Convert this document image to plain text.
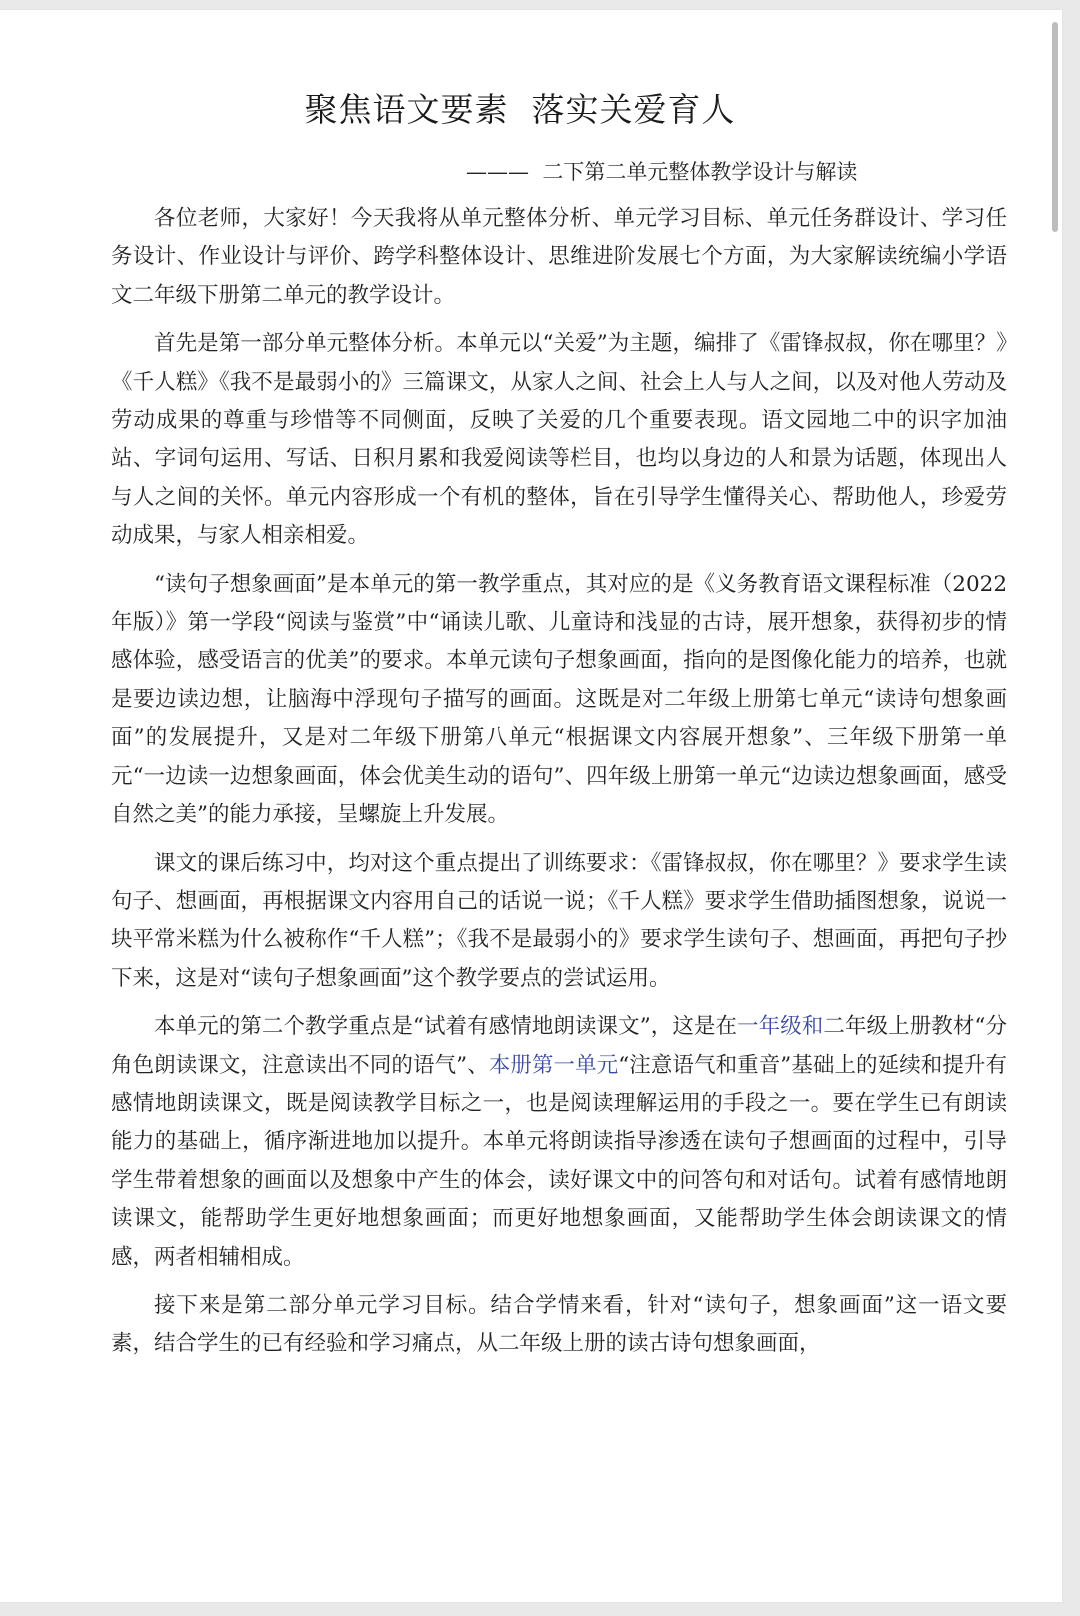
聚焦语文要素  落实关爱育人
———  二下第二单元整体教学设计与解读

各位老师，大家好！今天我将从单元整体分析、单元学习目标、单元任务群设计、学习任务设计、作业设计与评价、跨学科整体设计、思维进阶发展七个方面，为大家解读统编小学语文二年级下册第二单元的教学设计。

首先是第一部分单元整体分析。本单元以“关爱”为主题，编排了《雷锋叔叔，你在哪里？》《千人糕》《我不是最弱小的》三篇课文，从家人之间、社会上人与人之间，以及对他人劳动及劳动成果的尊重与珍惜等不同侧面，反映了关爱的几个重要表现。语文园地二中的识字加油站、字词句运用、写话、日积月累和我爱阅读等栏目，也均以身边的人和景为话题，体现出人与人之间的关怀。单元内容形成一个有机的整体，旨在引导学生懂得关心、帮助他人，珍爱劳动成果，与家人相亲相爱。

“读句子想象画面”是本单元的第一教学重点，其对应的是《义务教育语文课程标准（2022年版）》第一学段“阅读与鉴赏”中“诵读儿歌、儿童诗和浅显的古诗，展开想象，获得初步的情感体验，感受语言的优美”的要求。本单元读句子想象画面，指向的是图像化能力的培养，也就是要边读边想，让脑海中浮现句子描写的画面。这既是对二年级上册第七单元“读诗句想象画面”的发展提升，又是对二年级下册第八单元“根据课文内容展开想象”、三年级下册第一单元“一边读一边想象画面，体会优美生动的语句”、四年级上册第一单元“边读边想象画面，感受自然之美”的能力承接，呈螺旋上升发展。

课文的课后练习中，均对这个重点提出了训练要求：《雷锋叔叔，你在哪里？》要求学生读句子、想画面，再根据课文内容用自己的话说一说；《千人糕》要求学生借助插图想象，说说一块平常米糕为什么被称作“千人糕”；《我不是最弱小的》要求学生读句子、想画面，再把句子抄下来，这是对“读句子想象画面”这个教学要点的尝试运用。

本单元的第二个教学重点是“试着有感情地朗读课文”，这是在一年级和二年级上册教材“分角色朗读课文，注意读出不同的语气”、本册第一单元“注意语气和重音”基础上的延续和提升有感情地朗读课文，既是阅读教学目标之一，也是阅读理解运用的手段之一。要在学生已有朗读能力的基础上，循序渐进地加以提升。本单元将朗读指导渗透在读句子想画面的过程中，引导学生带着想象的画面以及想象中产生的体会，读好课文中的问答句和对话句。试着有感情地朗读课文，能帮助学生更好地想象画面；而更好地想象画面，又能帮助学生体会朗读课文的情感，两者相辅相成。

接下来是第二部分单元学习目标。结合学情来看，针对“读句子，想象画面”这一语文要素，结合学生的已有经验和学习痛点，从二年级上册的读古诗句想象画面，
